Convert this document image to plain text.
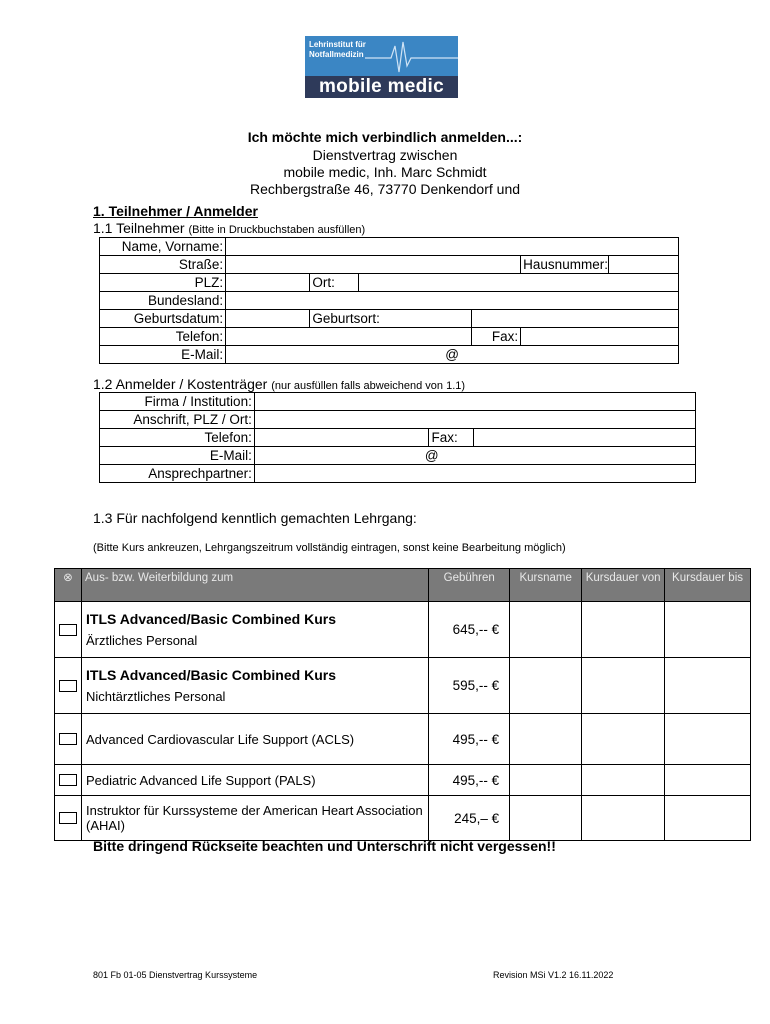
Lehrinstitut für
Notfallmedizin
mobile medic
Ich möchte mich verbindlich anmelden...:
Dienstvertrag zwischen
mobile medic, Inh. Marc Schmidt
Rechbergstraße 46, 73770 Denkendorf und
1. Teilnehmer / Anmelder
1.1 Teilnehmer (Bitte in Druckbuchstaben ausfüllen)
Name, Vorname:						
Straße:					Hausnummer:	
PLZ:		Ort:				
Bundesland:						
Geburtsdatum:		Geburtsort:				
Telefon:				Fax:		
E-Mail:	@					
1.2 Anmelder / Kostenträger (nur ausfüllen falls abweichend von 1.1)
Firma / Institution:			
Anschrift, PLZ / Ort:			
Telefon:		Fax:	
E-Mail:	@		
Ansprechpartner:			
1.3 Für nachfolgend kenntlich gemachten Lehrgang:
(Bitte Kurs ankreuzen, Lehrgangszeitrum vollständig eintragen, sonst keine Bearbeitung möglich)
⊗	Aus- bzw. Weiterbildung zum	Gebühren	Kursname	Kursdauer von	Kursdauer bis

	ITLS Advanced/Basic Combined Kurs
Ärztliches Personal	645,-- €			

	ITLS Advanced/Basic Combined Kurs
Nichtärztliches Personal	595,-- €			

	Advanced Cardiovascular Life Support (ACLS)	495,-- €			

	Pediatric Advanced Life Support (PALS)	495,-- €			

	Instruktor für Kurssysteme der American Heart Association (AHAI)	245,– €			
Bitte dringend Rückseite beachten und Unterschrift nicht vergessen!!
801 Fb 01-05 Dienstvertrag Kurssysteme	Revision MSi V1.2 16.11.2022
